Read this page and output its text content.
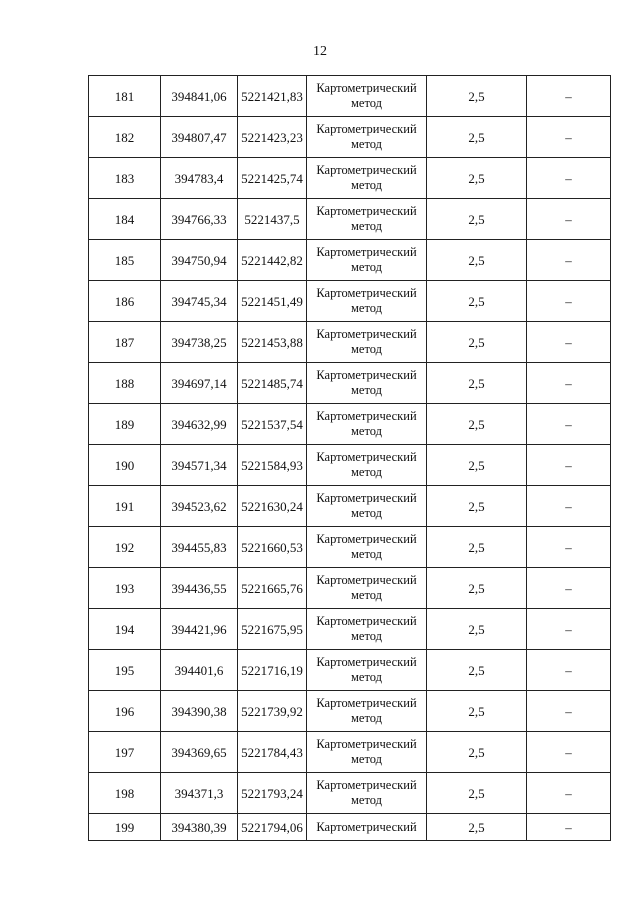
12
181	394841,06	5221421,83	Картометрический метод	2,5	–
182	394807,47	5221423,23	Картометрический метод	2,5	–
183	394783,4	5221425,74	Картометрический метод	2,5	–
184	394766,33	5221437,5	Картометрический метод	2,5	–
185	394750,94	5221442,82	Картометрический метод	2,5	–
186	394745,34	5221451,49	Картометрический метод	2,5	–
187	394738,25	5221453,88	Картометрический метод	2,5	–
188	394697,14	5221485,74	Картометрический метод	2,5	–
189	394632,99	5221537,54	Картометрический метод	2,5	–
190	394571,34	5221584,93	Картометрический метод	2,5	–
191	394523,62	5221630,24	Картометрический метод	2,5	–
192	394455,83	5221660,53	Картометрический метод	2,5	–
193	394436,55	5221665,76	Картометрический метод	2,5	–
194	394421,96	5221675,95	Картометрический метод	2,5	–
195	394401,6	5221716,19	Картометрический метод	2,5	–
196	394390,38	5221739,92	Картометрический метод	2,5	–
197	394369,65	5221784,43	Картометрический метод	2,5	–
198	394371,3	5221793,24	Картометрический метод	2,5	–
199	394380,39	5221794,06	Картометрический	2,5	–
